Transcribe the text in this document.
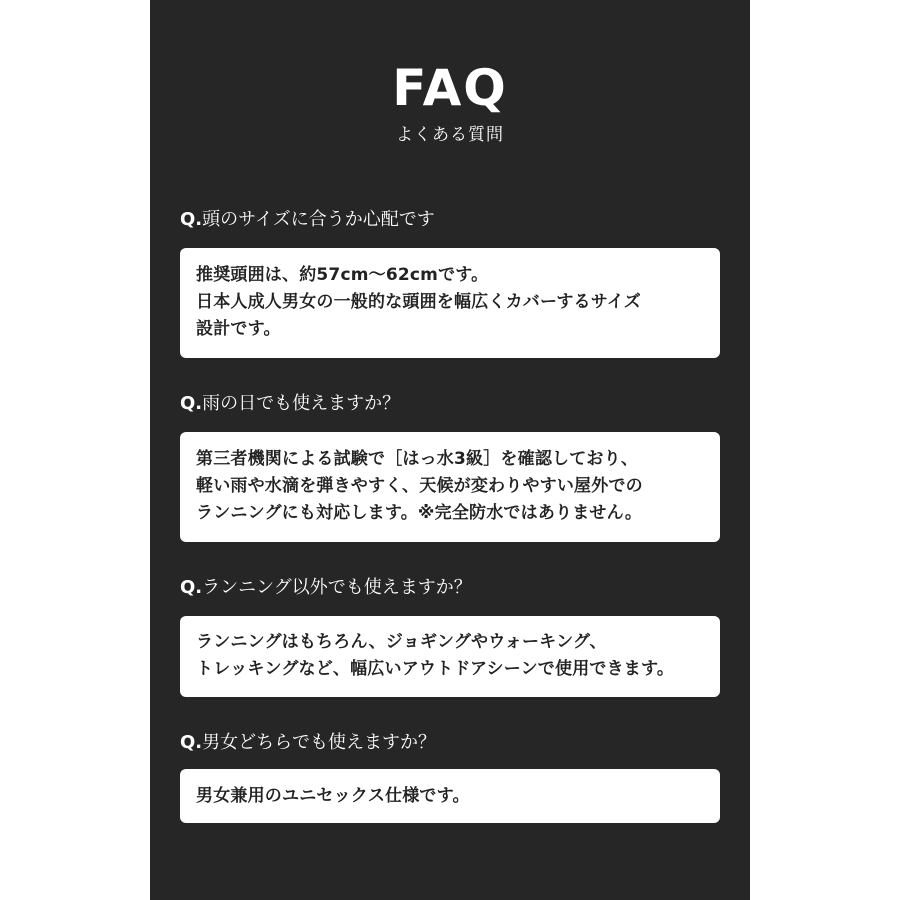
FAQ
よくある質問
Q.頭のサイズに合うか心配です
推奨頭囲は、約57cm～62cmです。
日本人成人男女の一般的な頭囲を幅広くカバーするサイズ
設計です。
Q.雨の日でも使えますか？
第三者機関による試験で［はっ水3級］を確認しており、
軽い雨や水滴を弾きやすく、天候が変わりやすい屋外での
ランニングにも対応します。※完全防水ではありません。
Q.ランニング以外でも使えますか？
ランニングはもちろん、ジョギングやウォーキング、
トレッキングなど、幅広いアウトドアシーンで使用できます。
Q.男女どちらでも使えますか？
男女兼用のユニセックス仕様です。
